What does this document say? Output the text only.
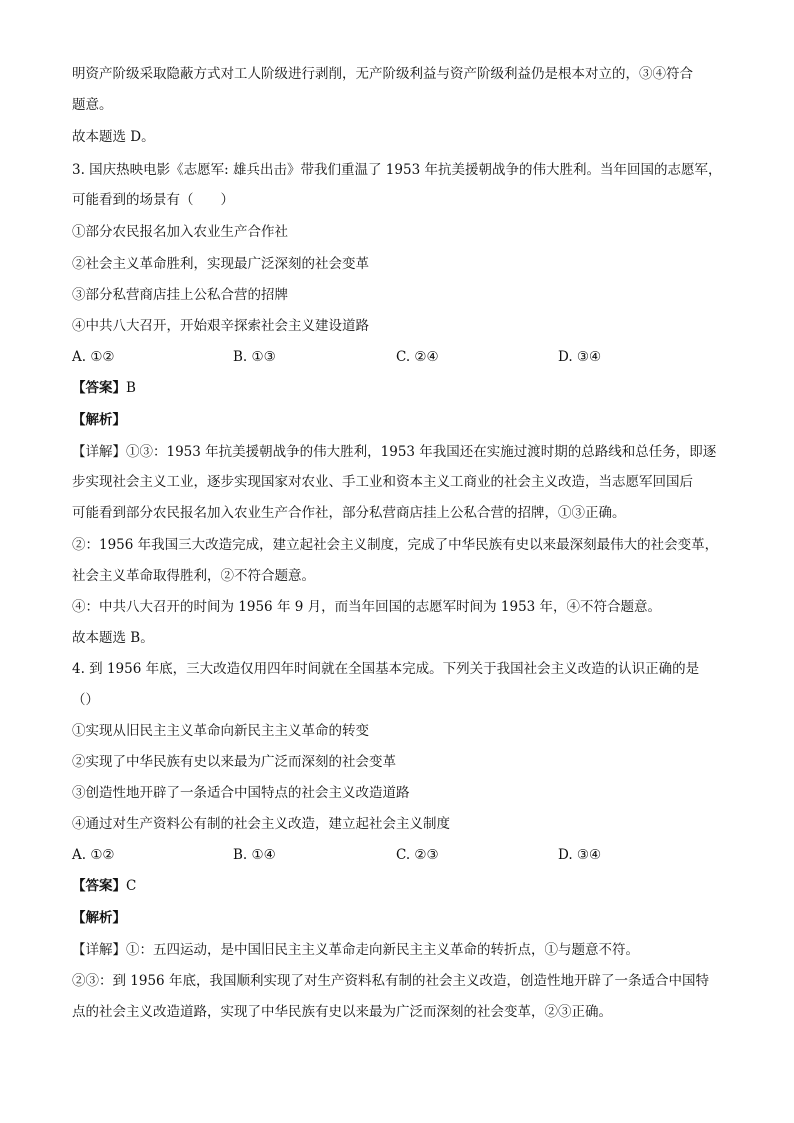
明资产阶级采取隐蔽方式对工人阶级进行剥削，无产阶级利益与资产阶级利益仍是根本对立的，③④符合
题意。
故本题选 D。
3. 国庆热映电影《志愿军: 雄兵出击》带我们重温了 1953 年抗美援朝战争的伟大胜利。当年回国的志愿军，
可能看到的场景有（　　）
①部分农民报名加入农业生产合作社
②社会主义革命胜利，实现最广泛深刻的社会变革
③部分私营商店挂上公私合营的招牌
④中共八大召开，开始艰辛探索社会主义建设道路
A. ①②	B. ①③	C. ②④	D. ③④
【答案】B
【解析】
【详解】①③：1953 年抗美援朝战争的伟大胜利，1953 年我国还在实施过渡时期的总路线和总任务，即逐
步实现社会主义工业，逐步实现国家对农业、手工业和资本主义工商业的社会主义改造，当志愿军回国后
可能看到部分农民报名加入农业生产合作社，部分私营商店挂上公私合营的招牌，①③正确。
②：1956 年我国三大改造完成，建立起社会主义制度，完成了中华民族有史以来最深刻最伟大的社会变革，
社会主义革命取得胜利，②不符合题意。
④：中共八大召开的时间为 1956 年 9 月，而当年回国的志愿军时间为 1953 年，④不符合题意。
故本题选 B。
4. 到 1956 年底，三大改造仅用四年时间就在全国基本完成。下列关于我国社会主义改造的认识正确的是
（）
①实现从旧民主主义革命向新民主主义革命的转变
②实现了中华民族有史以来最为广泛而深刻的社会变革
③创造性地开辟了一条适合中国特点的社会主义改造道路
④通过对生产资料公有制的社会主义改造，建立起社会主义制度
A. ①②	B. ①④	C. ②③	D. ③④
【答案】C
【解析】
【详解】①：五四运动，是中国旧民主主义革命走向新民主主义革命的转折点，①与题意不符。
②③：到 1956 年底，我国顺利实现了对生产资料私有制的社会主义改造，创造性地开辟了一条适合中国特
点的社会主义改造道路，实现了中华民族有史以来最为广泛而深刻的社会变革，②③正确。
